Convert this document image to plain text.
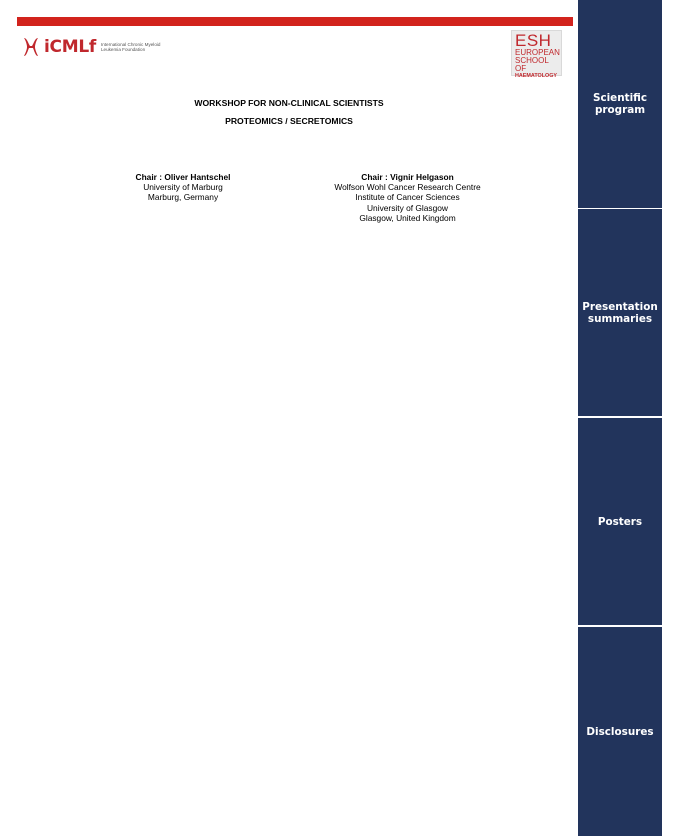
iCMLf International Chronic Myeloid Leukemia Foundation	ESH
EUROPEAN
SCHOOL OF
HAEMATOLOGY
WORKSHOP FOR NON-CLINICAL SCIENTISTS
PROTEOMICS / SECRETOMICS
Chair : Oliver Hantschel
University of Marburg
Marburg, Germany
Chair : Vignir Helgason
Wolfson Wohl Cancer Research Centre
Institute of Cancer Sciences
University of Glasgow
Glasgow, United Kingdom
Scientific
program
Presentation
summaries
Posters
Disclosures
